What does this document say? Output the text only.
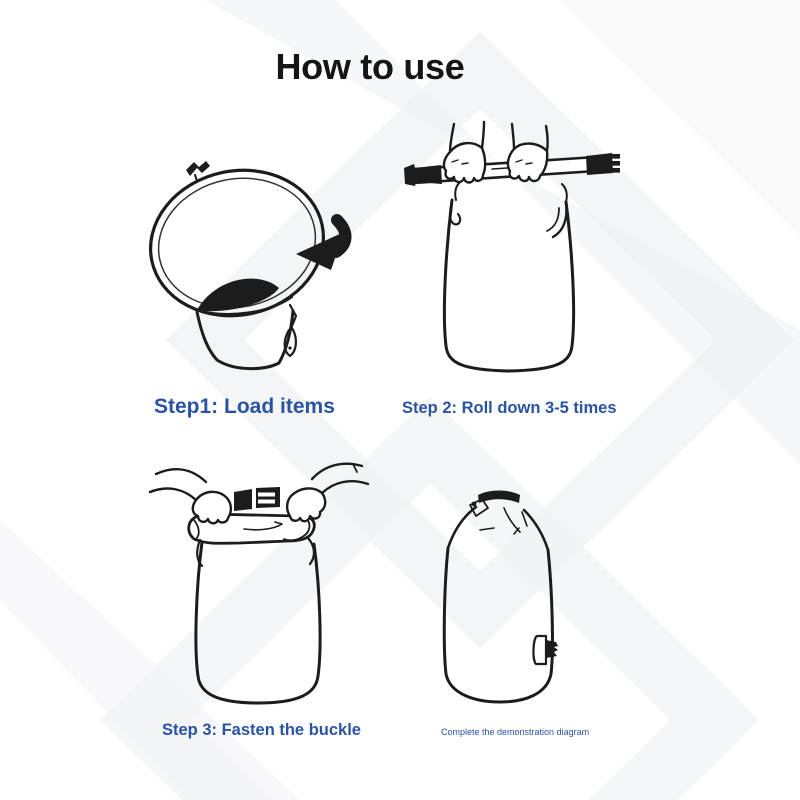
How to use
Step1: Load items	Step 2: Roll down 3-5 times
Step 3: Fasten the buckle	Complete the demonstration diagram
